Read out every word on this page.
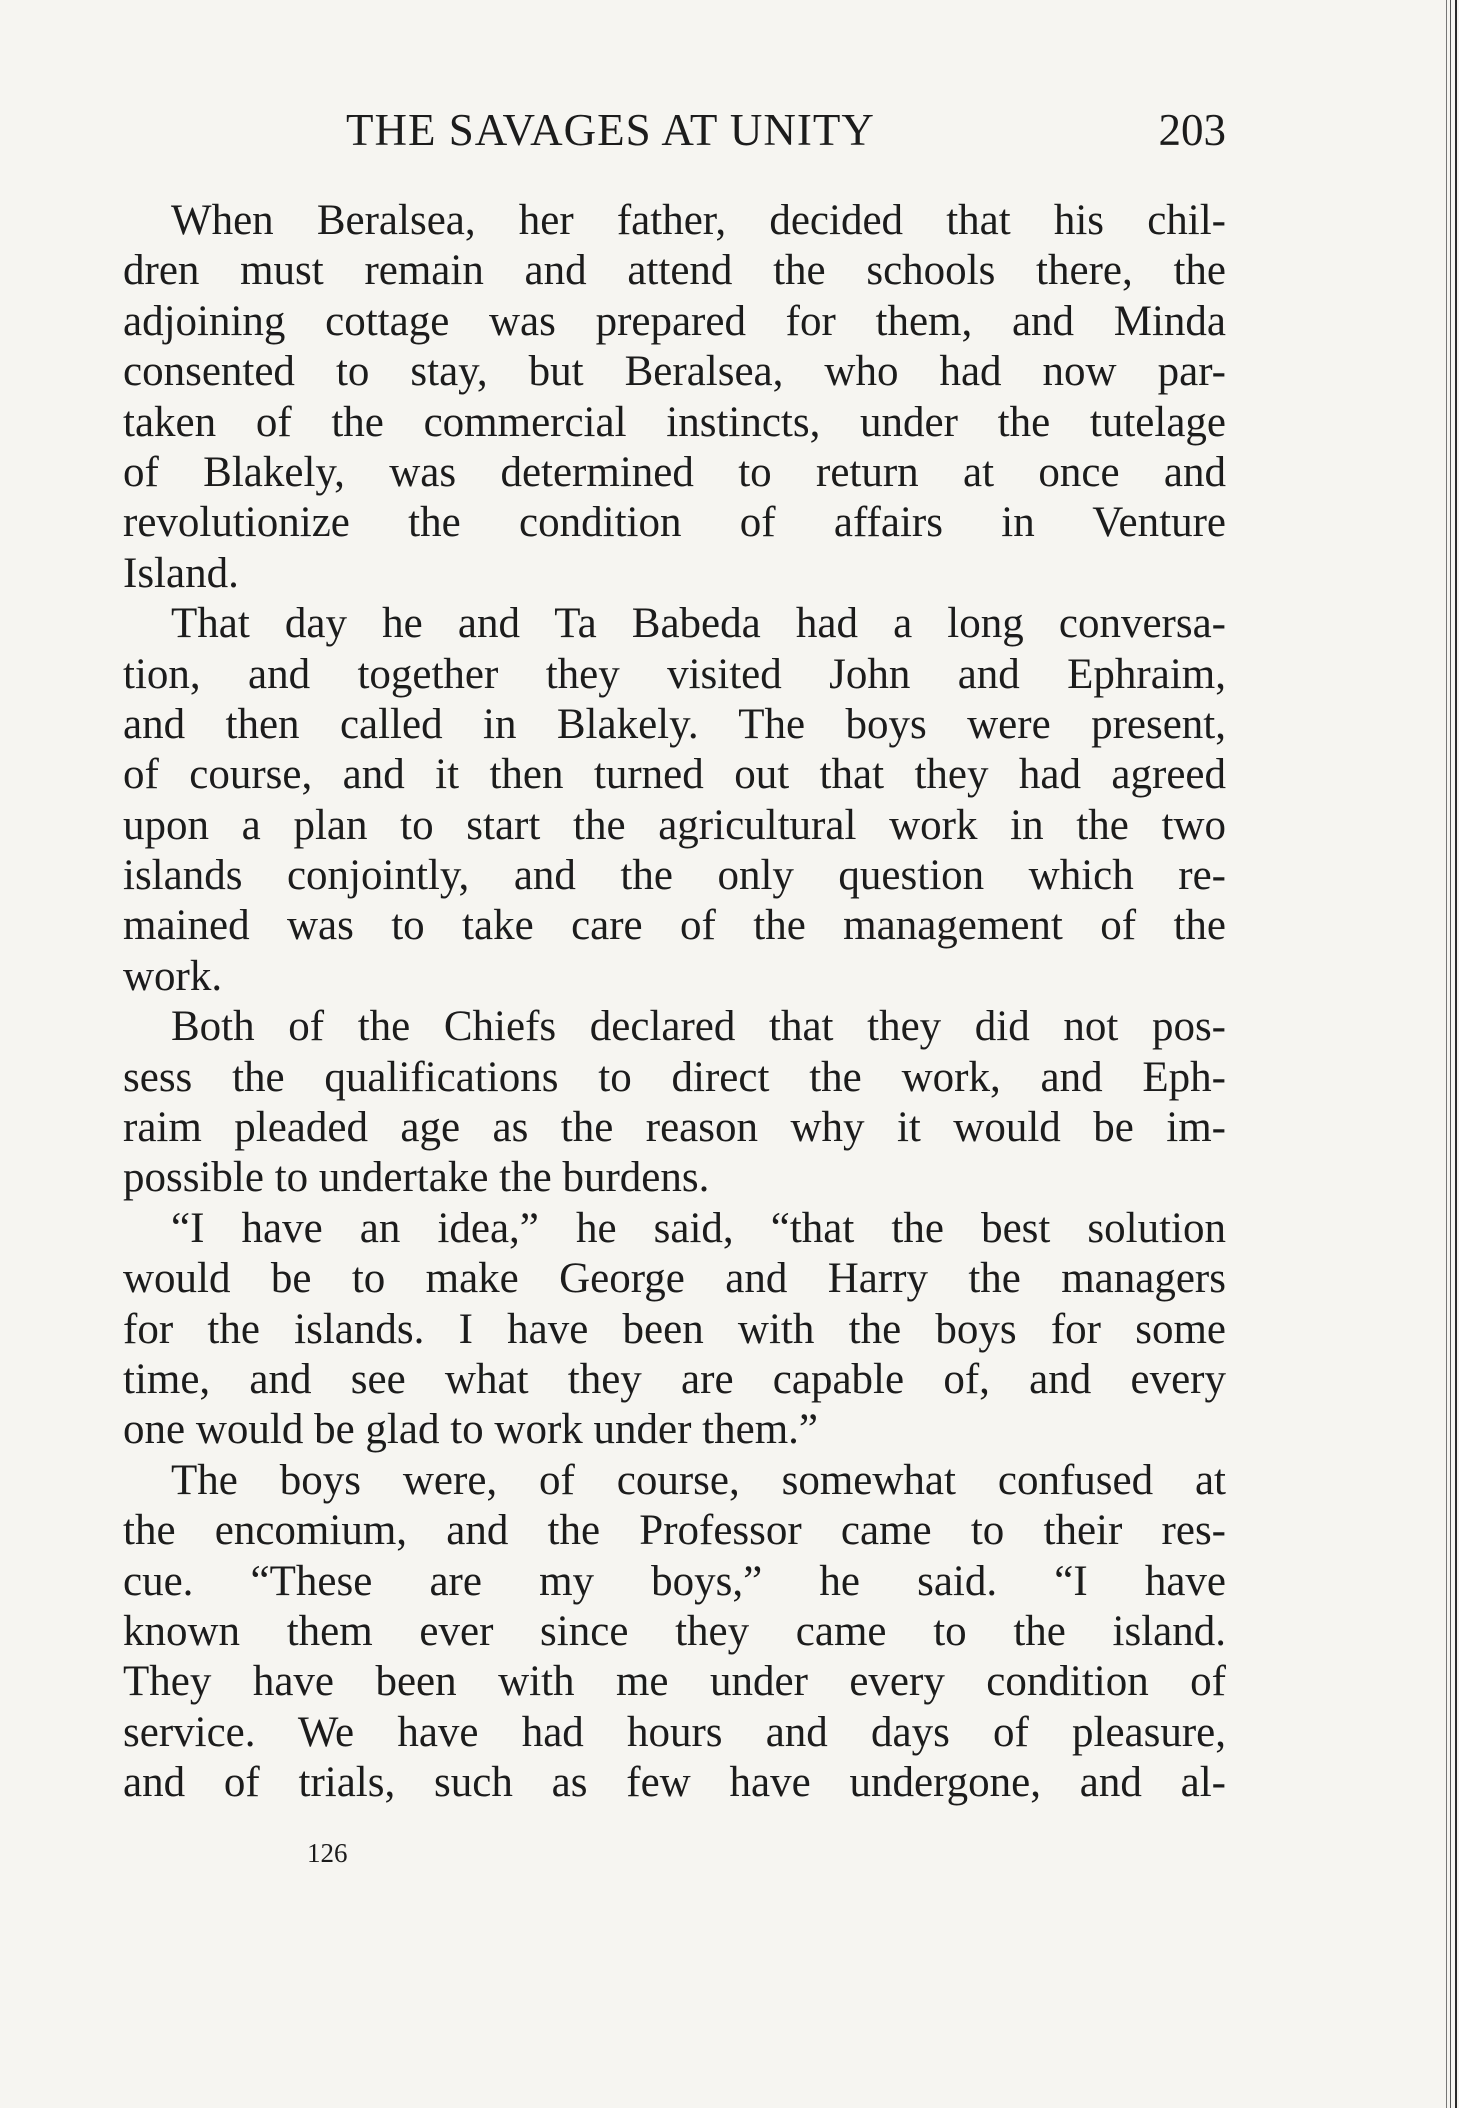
THE SAVAGES AT UNITY	203
When Beralsea, her father, decided that his chil-
dren must remain and attend the schools there, the
adjoining cottage was prepared for them, and Minda
consented to stay, but Beralsea, who had now par-
taken of the commercial instincts, under the tutelage
of Blakely, was determined to return at once and
revolutionize the condition of affairs in Venture
Island.
That day he and Ta Babeda had a long conversa-
tion, and together they visited John and Ephraim,
and then called in Blakely. The boys were present,
of course, and it then turned out that they had agreed
upon a plan to start the agricultural work in the two
islands conjointly, and the only question which re-
mained was to take care of the management of the
work.
Both of the Chiefs declared that they did not pos-
sess the qualifications to direct the work, and Eph-
raim pleaded age as the reason why it would be im-
possible to undertake the burdens.
“I have an idea,” he said, “that the best solution
would be to make George and Harry the managers
for the islands. I have been with the boys for some
time, and see what they are capable of, and every
one would be glad to work under them.”
The boys were, of course, somewhat confused at
the encomium, and the Professor came to their res-
cue. “These are my boys,” he said. “I have
known them ever since they came to the island.
They have been with me under every condition of
service. We have had hours and days of pleasure,
and of trials, such as few have undergone, and al-
126
